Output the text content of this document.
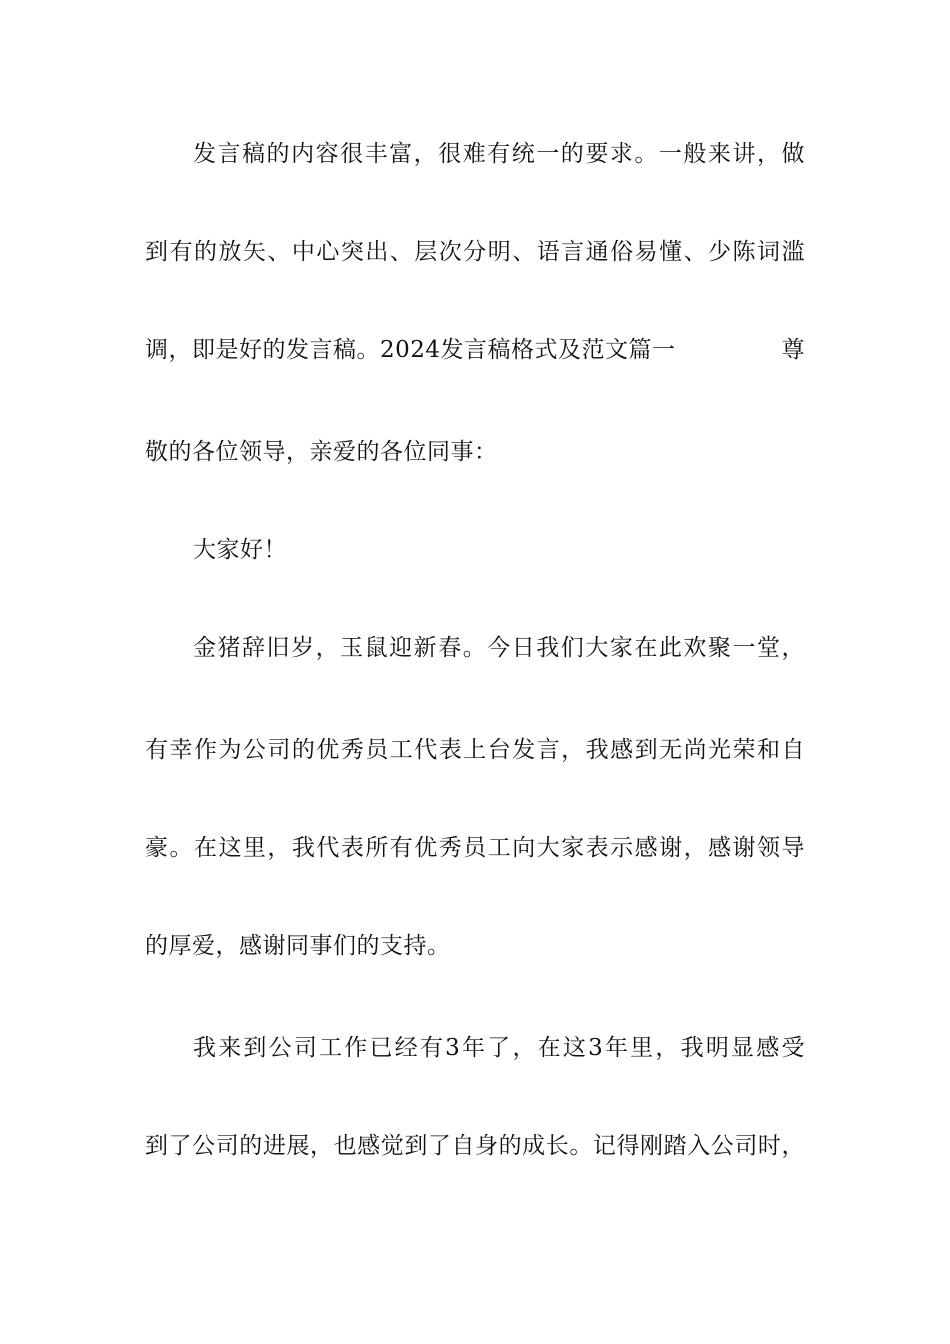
发言稿的内容很丰富，很难有统一的要求。一般来讲，做
到有的放矢、中心突出、层次分明、语言通俗易懂、少陈词滥
调，即是好的发言稿。2024发言稿格式及范文篇一	尊
敬的各位领导，亲爱的各位同事：
大家好！
金猪辞旧岁，玉鼠迎新春。今日我们大家在此欢聚一堂，
有幸作为公司的优秀员工代表上台发言，我感到无尚光荣和自
豪。在这里，我代表所有优秀员工向大家表示感谢，感谢领导
的厚爱，感谢同事们的支持。
我来到公司工作已经有3年了，在这3年里，我明显感受
到了公司的进展，也感觉到了自身的成长。记得刚踏入公司时，
